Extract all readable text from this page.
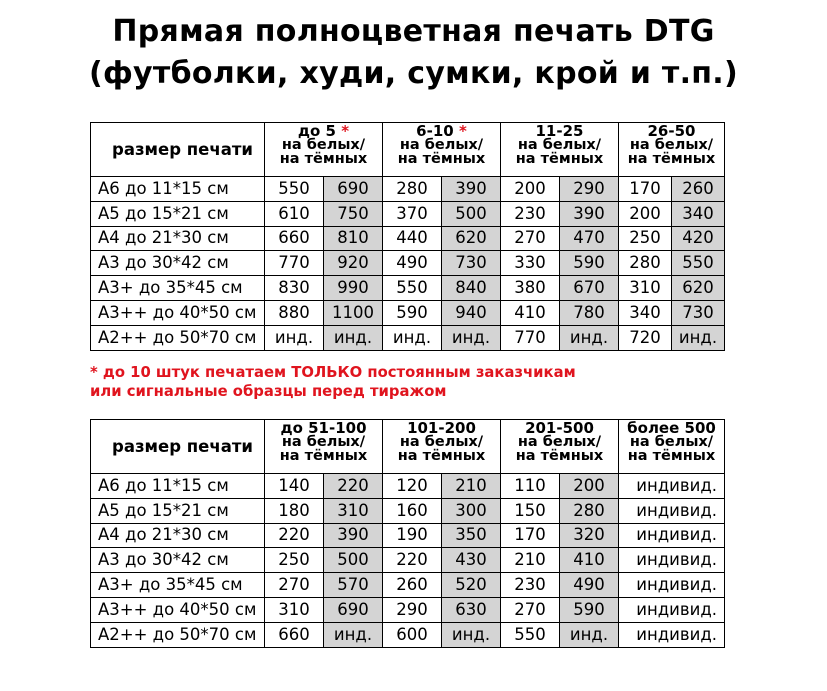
Прямая полноцветная печать DTG
(футболки, худи, сумки, крой и т.п.)
размер печати	до 5 *
на белых/
на тёмных		6-10 *
на белых/
на тёмных		11-25
на белых/
на тёмных		26-50
на белых/
на тёмных	

А6 до 11*15 см	550	690	280	390	200	290	170	260
А5 до 15*21 см	610	750	370	500	230	390	200	340
А4 до 21*30 см	660	810	440	620	270	470	250	420
А3 до 30*42 см	770	920	490	730	330	590	280	550
А3+ до 35*45 см	830	990	550	840	380	670	310	620
А3++ до 40*50 см	880	1100	590	940	410	780	340	730
А2++ до 50*70 см	инд.	инд.	инд.	инд.	770	инд.	720	инд.
* до 10 штук печатаем ТОЛЬКО постоянным заказчикам
или сигнальные образцы перед тиражом
размер печати	до 51-100
на белых/
на тёмных		101-200
на белых/
на тёмных		201-500
на белых/
на тёмных		более 500
на белых/
на тёмных

А6 до 11*15 см	140	220	120	210	110	200	индивид.
А5 до 15*21 см	180	310	160	300	150	280	индивид.
А4 до 21*30 см	220	390	190	350	170	320	индивид.
А3 до 30*42 см	250	500	220	430	210	410	индивид.
А3+ до 35*45 см	270	570	260	520	230	490	индивид.
А3++ до 40*50 см	310	690	290	630	270	590	индивид.
А2++ до 50*70 см	660	инд.	600	инд.	550	инд.	индивид.
